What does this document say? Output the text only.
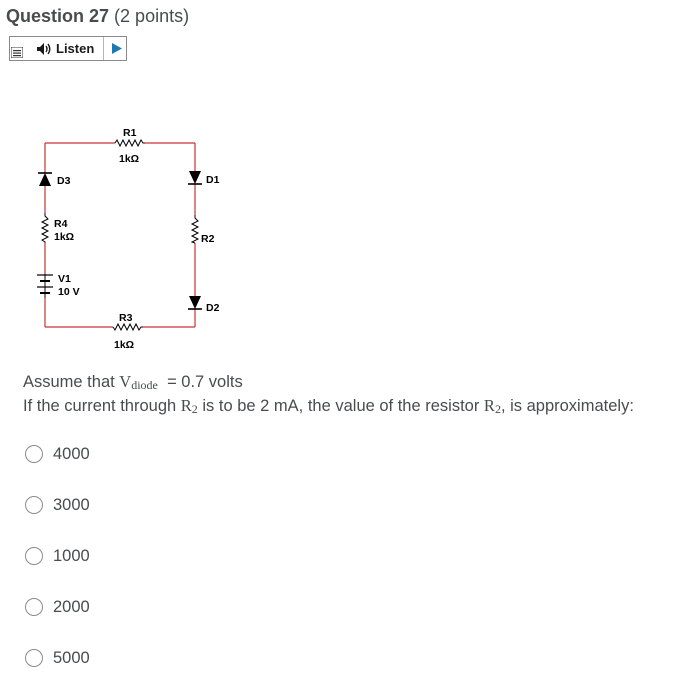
Question 27 (2 points)
Listen
R1
1kΩ
D3
R4
1kΩ
V1
10 V
D1
R2
D2
R3
1kΩ
Assume that $V_{diode} = 0.7$ volts
If the current through $R_2$ is to be 2 mA, the value of the resistor $R_2$, is approximately:
4000
3000
1000
2000
5000
